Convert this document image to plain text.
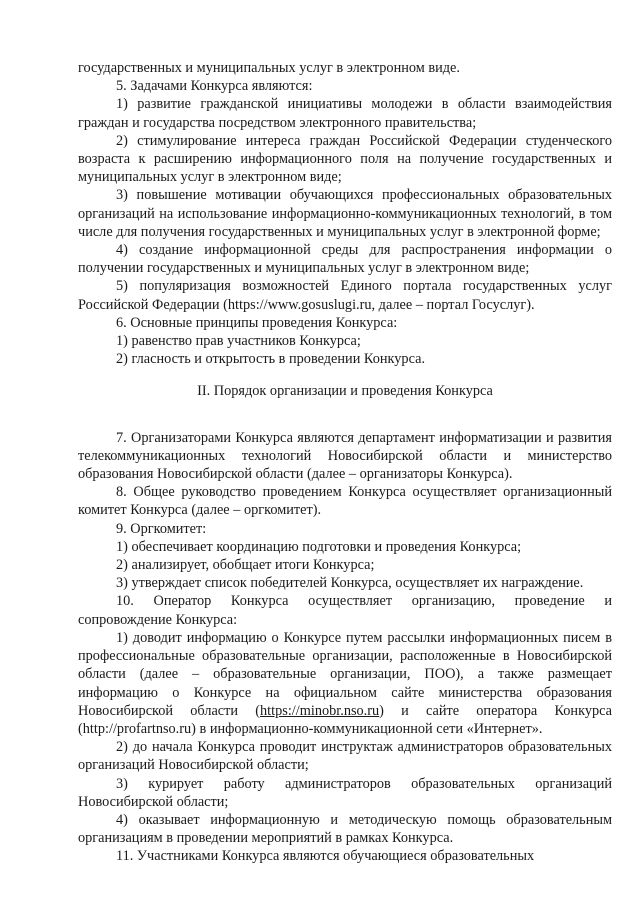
государственных и муниципальных услуг в электронном виде.

5. Задачами Конкурса являются:

1) развитие гражданской инициативы молодежи в области взаимодействия граждан и государства посредством электронного правительства;

2) стимулирование интереса граждан Российской Федерации студенческого возраста к расширению информационного поля на получение государственных и муниципальных услуг в электронном виде;

3) повышение мотивации обучающихся профессиональных образовательных организаций на использование информационно-коммуникационных технологий, в том числе для получения государственных и муниципальных услуг в электронной форме;

4) создание информационной среды для распространения информации о получении государственных и муниципальных услуг в электронном виде;

5) популяризация возможностей Единого портала государственных услуг Российской Федерации (https://www.gosuslugi.ru, далее – портал Госуслуг).

6. Основные принципы проведения Конкурса:

1) равенство прав участников Конкурса;

2) гласность и открытость в проведении Конкурса.

II. Порядок организации и проведения Конкурса

7. Организаторами Конкурса являются департамент информатизации и развития телекоммуникационных технологий Новосибирской области и министерство образования Новосибирской области (далее – организаторы Конкурса).

8. Общее руководство проведением Конкурса осуществляет организационный комитет Конкурса (далее – оргкомитет).

9. Оргкомитет:

1) обеспечивает координацию подготовки и проведения Конкурса;

2) анализирует, обобщает итоги Конкурса;

3) утверждает список победителей Конкурса, осуществляет их награждение.

10. Оператор Конкурса осуществляет организацию, проведение и сопровождение Конкурса:

1) доводит информацию о Конкурсе путем рассылки информационных писем в профессиональные образовательные организации, расположенные в Новосибирской области (далее – образовательные организации, ПОО), а также размещает информацию о Конкурсе на официальном сайте министерства образования Новосибирской области (https://minobr.nso.ru) и сайте оператора Конкурса (http://profartnso.ru) в информационно-коммуникационной сети «Интернет».

2) до начала Конкурса проводит инструктаж администраторов образовательных организаций Новосибирской области;

3) курирует работу администраторов образовательных организаций Новосибирской области;

4) оказывает информационную и методическую помощь образовательным организациям в проведении мероприятий в рамках Конкурса.

11. Участниками Конкурса являются обучающиеся образовательных
